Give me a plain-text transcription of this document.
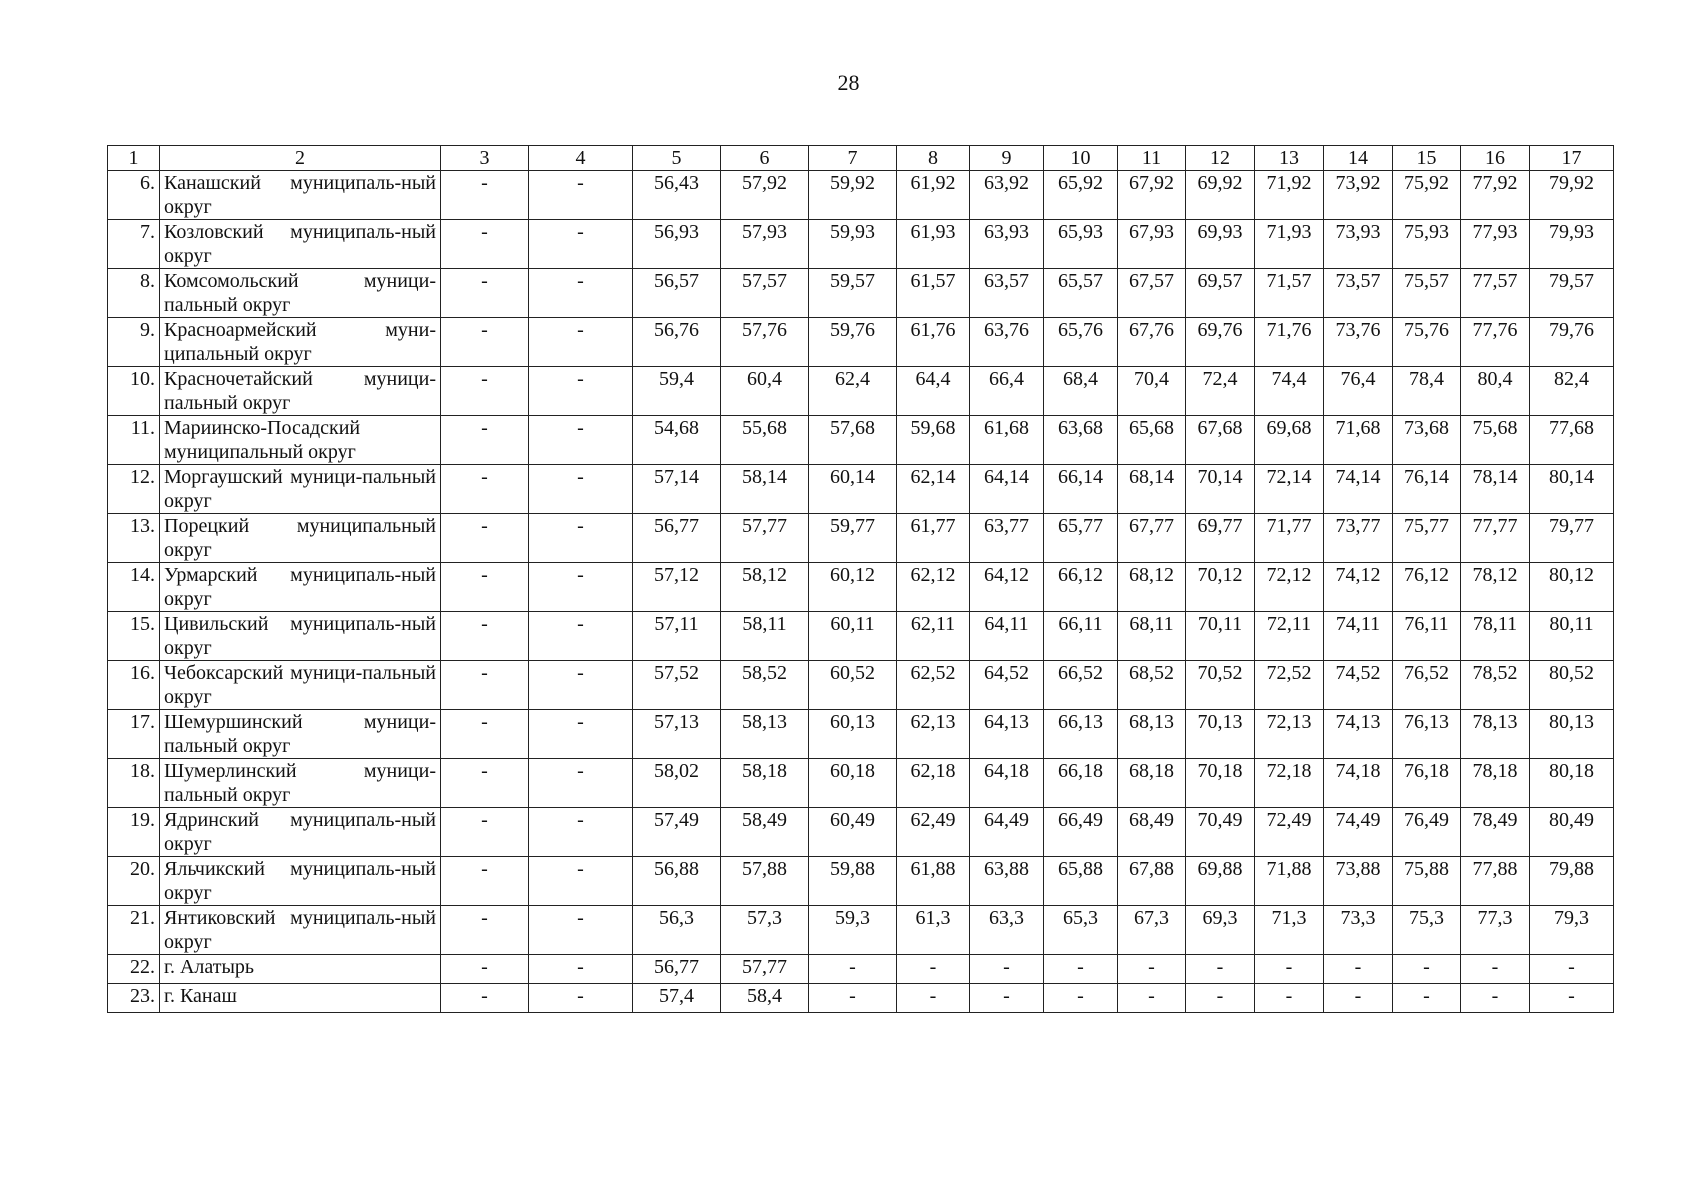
28
1	2	3	4	5	6	7	8	9	10	11	12	13	14	15	16	17
6.	Канашский муниципаль-ный округ	-	-	56,43	57,92	59,92	61,92	63,92	65,92	67,92	69,92	71,92	73,92	75,92	77,92	79,92
7.	Козловский муниципаль-ный округ	-	-	56,93	57,93	59,93	61,93	63,93	65,93	67,93	69,93	71,93	73,93	75,93	77,93	79,93
8.	Комсомольский муници-пальный округ	-	-	56,57	57,57	59,57	61,57	63,57	65,57	67,57	69,57	71,57	73,57	75,57	77,57	79,57
9.	Красноармейский муни-ципальный округ	-	-	56,76	57,76	59,76	61,76	63,76	65,76	67,76	69,76	71,76	73,76	75,76	77,76	79,76
10.	Красночетайский муници-пальный округ	-	-	59,4	60,4	62,4	64,4	66,4	68,4	70,4	72,4	74,4	76,4	78,4	80,4	82,4
11.	Мариинско-Посадский муниципальный округ	-	-	54,68	55,68	57,68	59,68	61,68	63,68	65,68	67,68	69,68	71,68	73,68	75,68	77,68
12.	Моргаушский муници-пальный округ	-	-	57,14	58,14	60,14	62,14	64,14	66,14	68,14	70,14	72,14	74,14	76,14	78,14	80,14
13.	Порецкий муниципальный округ	-	-	56,77	57,77	59,77	61,77	63,77	65,77	67,77	69,77	71,77	73,77	75,77	77,77	79,77
14.	Урмарский муниципаль-ный округ	-	-	57,12	58,12	60,12	62,12	64,12	66,12	68,12	70,12	72,12	74,12	76,12	78,12	80,12
15.	Цивильский муниципаль-ный округ	-	-	57,11	58,11	60,11	62,11	64,11	66,11	68,11	70,11	72,11	74,11	76,11	78,11	80,11
16.	Чебоксарский муници-пальный округ	-	-	57,52	58,52	60,52	62,52	64,52	66,52	68,52	70,52	72,52	74,52	76,52	78,52	80,52
17.	Шемуршинский муници-пальный округ	-	-	57,13	58,13	60,13	62,13	64,13	66,13	68,13	70,13	72,13	74,13	76,13	78,13	80,13
18.	Шумерлинский муници-пальный округ	-	-	58,02	58,18	60,18	62,18	64,18	66,18	68,18	70,18	72,18	74,18	76,18	78,18	80,18
19.	Ядринский муниципаль-ный округ	-	-	57,49	58,49	60,49	62,49	64,49	66,49	68,49	70,49	72,49	74,49	76,49	78,49	80,49
20.	Яльчикский муниципаль-ный округ	-	-	56,88	57,88	59,88	61,88	63,88	65,88	67,88	69,88	71,88	73,88	75,88	77,88	79,88
21.	Янтиковский муниципаль-ный округ	-	-	56,3	57,3	59,3	61,3	63,3	65,3	67,3	69,3	71,3	73,3	75,3	77,3	79,3
22.	г. Алатырь	-	-	56,77	57,77	-	-	-	-	-	-	-	-	-	-	-
23.	г. Канаш	-	-	57,4	58,4	-	-	-	-	-	-	-	-	-	-	-
